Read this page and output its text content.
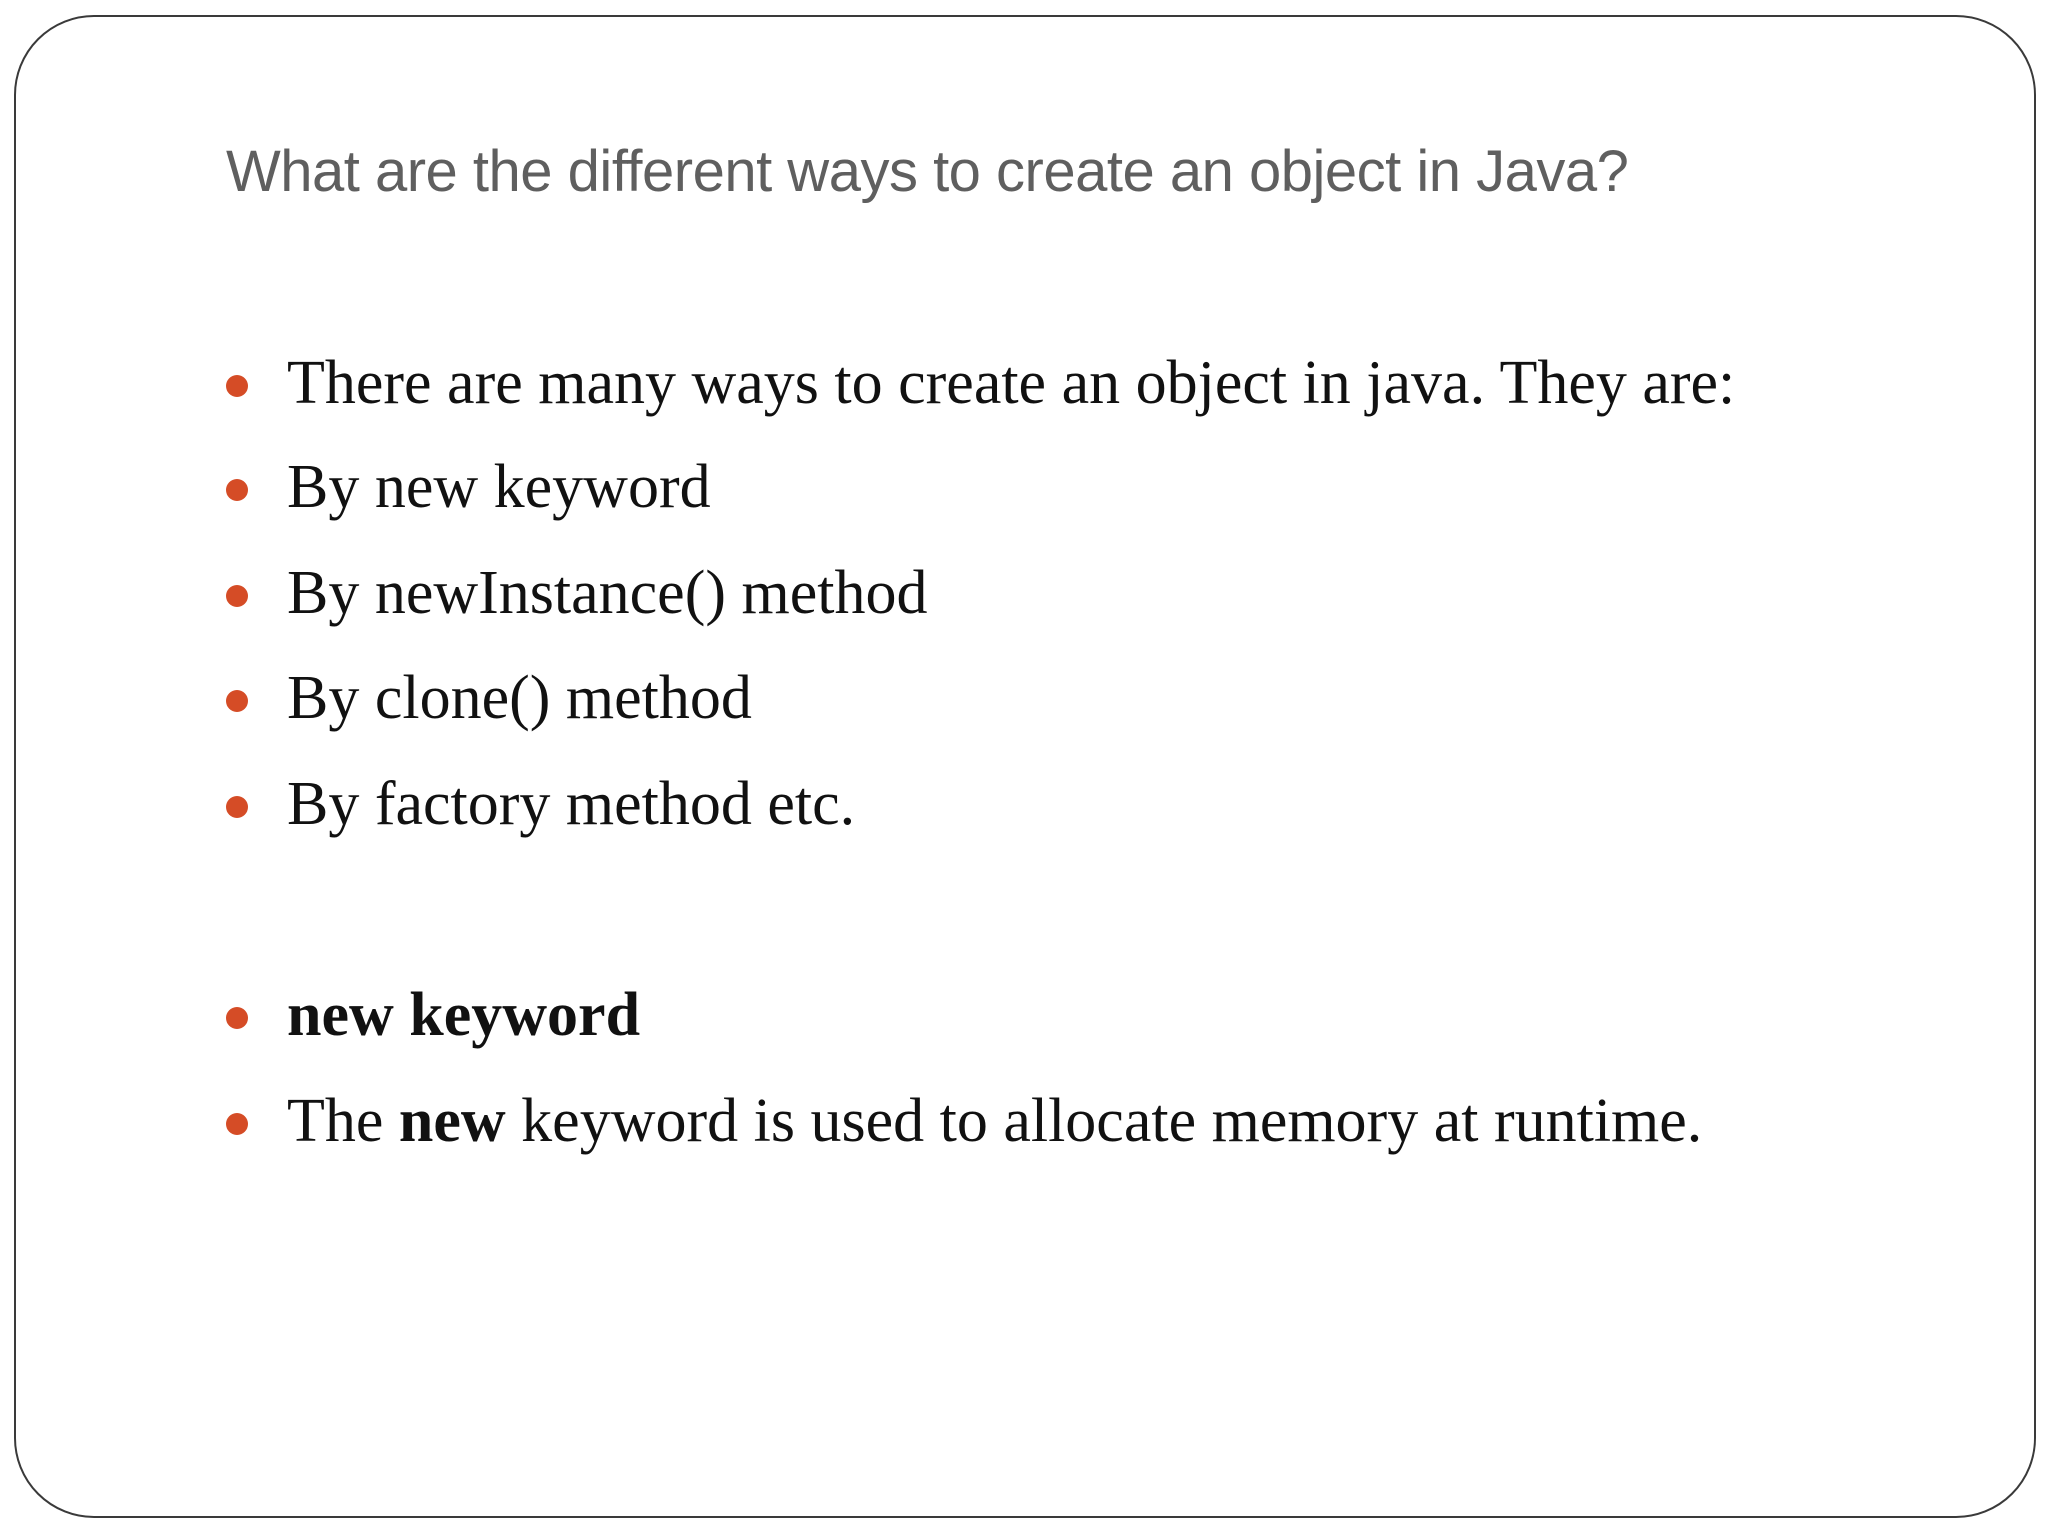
What are the different ways to create an object in Java?
There are many ways to create an object in java. They are:
By new keyword
By newInstance() method
By clone() method
By factory method etc.
new keyword
The new keyword is used to allocate memory at runtime.
